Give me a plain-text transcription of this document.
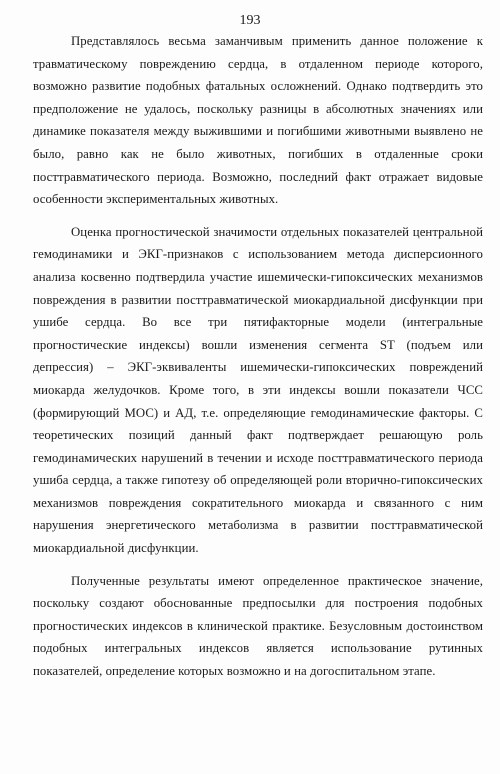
193

Представлялось весьма заманчивым применить данное положение к травматическому повреждению сердца, в отдаленном периоде которого, возможно развитие подобных фатальных осложнений. Однако подтвердить это предположение не удалось, поскольку разницы в абсолютных значениях или динамике показателя между выжившими и погибшими животными выявлено не было, равно как не было животных, погибших в отдаленные сроки посттравматического периода. Возможно, последний факт отражает видовые особенности экспериментальных животных.

Оценка прогностической значимости отдельных показателей центральной гемодинамики и ЭКГ-признаков с использованием метода дисперсионного анализа косвенно подтвердила участие ишемически-гипоксических механизмов повреждения в развитии посттравматической миокардиальной дисфункции при ушибе сердца. Во все три пятифакторные модели (интегральные прогностические индексы) вошли изменения сегмента ST (подъем или депрессия) – ЭКГ-эквиваленты ишемически-гипоксических повреждений миокарда желудочков. Кроме того, в эти индексы вошли показатели ЧСС (формирующий МОС) и АД, т.е. определяющие гемодинамические факторы. С теоретических позиций данный факт подтверждает решающую роль гемодинамических нарушений в течении и исходе посттравматического периода ушиба сердца, а также гипотезу об определяющей роли вторично-гипоксических механизмов повреждения сократительного миокарда и связанного с ним нарушения энергетического метаболизма в развитии посттравматической миокардиальной дисфункции.

Полученные результаты имеют определенное практическое значение, поскольку создают обоснованные предпосылки для построения подобных прогностических индексов в клинической практике. Безусловным достоинством подобных интегральных индексов является использование рутинных показателей, определение которых возможно и на догоспитальном этапе.
